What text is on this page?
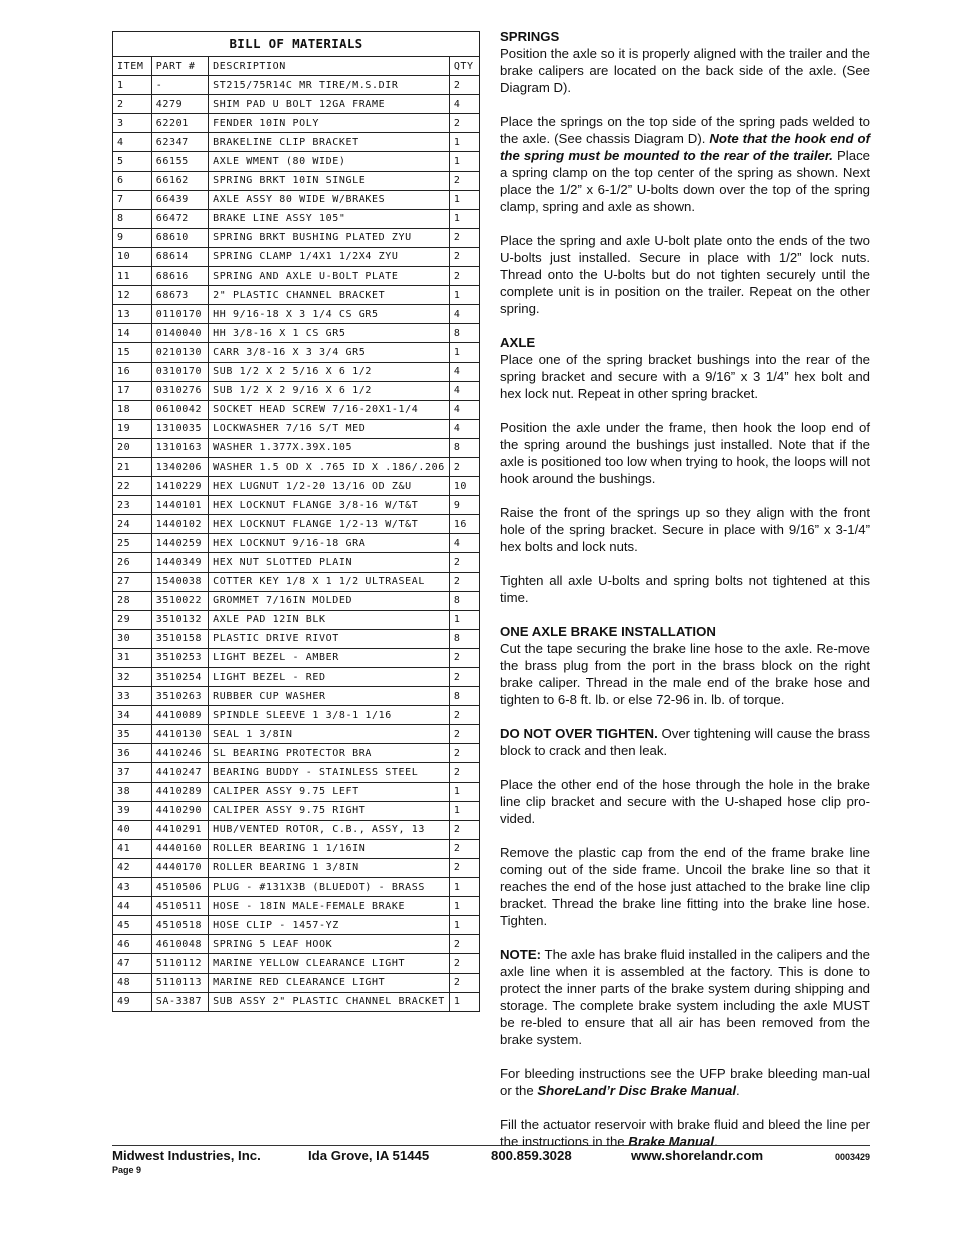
BILL OF MATERIALS
ITEM	PART #	DESCRIPTION	QTY
1	-	ST215/75R14C MR TIRE/M.S.DIR	2
2	4279	SHIM PAD U BOLT 12GA FRAME	4
3	62201	FENDER 10IN POLY	2
4	62347	BRAKELINE CLIP BRACKET	1
5	66155	AXLE WMENT (80 WIDE)	1
6	66162	SPRING BRKT 10IN SINGLE	2
7	66439	AXLE ASSY 80 WIDE W/BRAKES	1
8	66472	BRAKE LINE ASSY 105"	1
9	68610	SPRING BRKT BUSHING PLATED ZYU	2
10	68614	SPRING CLAMP 1/4X1 1/2X4 ZYU	2
11	68616	SPRING AND AXLE U-BOLT PLATE	2
12	68673	2" PLASTIC CHANNEL BRACKET	1
13	0110170	HH 9/16-18 X 3 1/4 CS GR5	4
14	0140040	HH 3/8-16 X 1 CS GR5	8
15	0210130	CARR 3/8-16 X 3 3/4 GR5	1
16	0310170	SUB 1/2 X 2 5/16 X 6 1/2	4
17	0310276	SUB 1/2 X 2 9/16 X 6 1/2	4
18	0610042	SOCKET HEAD SCREW 7/16-20X1-1/4	4
19	1310035	LOCKWASHER 7/16 S/T MED	4
20	1310163	WASHER 1.377X.39X.105	8
21	1340206	WASHER 1.5 OD X .765 ID X .186/.206	2
22	1410229	HEX LUGNUT 1/2-20 13/16 OD Z&U	10
23	1440101	HEX LOCKNUT FLANGE 3/8-16 W/T&T	9
24	1440102	HEX LOCKNUT FLANGE 1/2-13 W/T&T	16
25	1440259	HEX LOCKNUT 9/16-18 GRA	4
26	1440349	HEX NUT SLOTTED PLAIN	2
27	1540038	COTTER KEY 1/8 X 1 1/2 ULTRASEAL	2
28	3510022	GROMMET 7/16IN MOLDED	8
29	3510132	AXLE PAD 12IN BLK	1
30	3510158	PLASTIC DRIVE RIVOT	8
31	3510253	LIGHT BEZEL - AMBER	2
32	3510254	LIGHT BEZEL - RED	2
33	3510263	RUBBER CUP WASHER	8
34	4410089	SPINDLE SLEEVE 1 3/8-1 1/16	2
35	4410130	SEAL 1 3/8IN	2
36	4410246	SL BEARING PROTECTOR BRA	2
37	4410247	BEARING BUDDY - STAINLESS STEEL	2
38	4410289	CALIPER ASSY 9.75 LEFT	1
39	4410290	CALIPER ASSY 9.75 RIGHT	1
40	4410291	HUB/VENTED ROTOR, C.B., ASSY, 13	2
41	4440160	ROLLER BEARING 1 1/16IN	2
42	4440170	ROLLER BEARING 1 3/8IN	2
43	4510506	PLUG - #131X3B (BLUEDOT) - BRASS	1
44	4510511	HOSE - 18IN MALE-FEMALE BRAKE	1
45	4510518	HOSE CLIP - 1457-YZ	1
46	4610048	SPRING 5 LEAF HOOK	2
47	5110112	MARINE YELLOW CLEARANCE LIGHT	2
48	5110113	MARINE RED CLEARANCE LIGHT	2
49	SA-3387	SUB ASSY 2" PLASTIC CHANNEL BRACKET	1
SPRINGS

Position the axle so it is properly aligned with the trailer and the brake calipers are located on the back side of the axle. (See Diagram D).

Place the springs on the top side of the spring pads welded to the axle. (See chassis Diagram D). Note that the hook end of the spring must be mounted to the rear of the trailer. Place a spring clamp on the top center of the spring as shown. Next place the 1/2” x 6-1/2” U-bolts down over the top of the spring clamp, spring and axle as shown.

Place the spring and axle U-bolt plate onto the ends of the two U-bolts just installed. Secure in place with 1/2” lock nuts. Thread onto the U-bolts but do not tighten securely until the complete unit is in position on the trailer. Repeat on the other spring.

AXLE

Place one of the spring bracket bushings into the rear of the spring bracket and secure with a 9/16” x 3 1/4” hex bolt and hex lock nut. Repeat in other spring bracket.

Position the axle under the frame, then hook the loop end of the spring around the bushings just installed. Note that if the axle is positioned too low when trying to hook, the loops will not hook around the bushings.

Raise the front of the springs up so they align with the front hole of the spring bracket. Secure in place with 9/16” x 3-1/4” hex bolts and lock nuts.

Tighten all axle U-bolts and spring bolts not tightened at this time.

ONE AXLE BRAKE INSTALLATION

Cut the tape securing the brake line hose to the axle. Re-move the brass plug from the port in the brass block on the right brake caliper. Thread in the male end of the brake hose and tighten to 6-8 ft. lb. or else 72-96 in. lb. of torque.

DO NOT OVER TIGHTEN. Over tightening will cause the brass block to crack and then leak.

Place the other end of the hose through the hole in the brake line clip bracket and secure with the U-shaped hose clip pro-vided.

Remove the plastic cap from the end of the frame brake line coming out of the side frame. Uncoil the brake line so that it reaches the end of the hose just attached to the brake line clip bracket. Thread the brake line fitting into the brake line hose. Tighten.

NOTE: The axle has brake fluid installed in the calipers and the axle line when it is assembled at the factory. This is done to protect the inner parts of the brake system during shipping and storage. The complete brake system including the axle MUST be re-bled to ensure that all air has been removed from the brake system.

For bleeding instructions see the UFP brake bleeding man-ual or the ShoreLand’r Disc Brake Manual.

Fill the actuator reservoir with brake fluid and bleed the line per the instructions in the Brake Manual.

Midwest Industries, Inc.	Ida Grove, IA 51445	800.859.3028	www.shorelandr.com	0003429
Page 9
